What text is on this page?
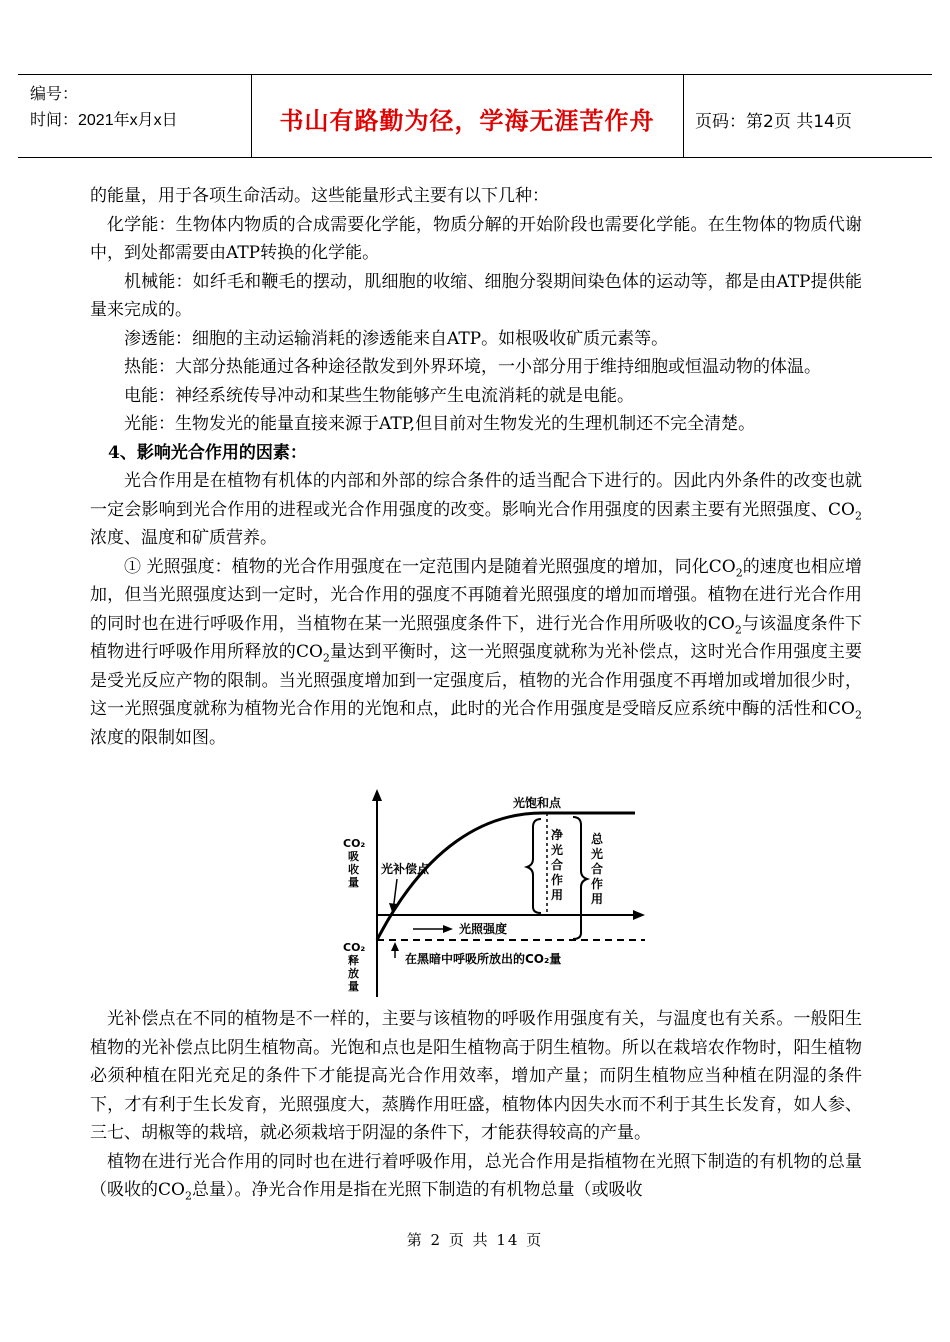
编号：
时间：2021年x月x日	书山有路勤为径，学海无涯苦作舟	页码：第2页 共14页

的能量，用于各项生命活动。这些能量形式主要有以下几种：

化学能：生物体内物质的合成需要化学能，物质分解的开始阶段也需要化学能。在生物体的物质代谢中，到处都需要由ATP转换的化学能。

机械能：如纤毛和鞭毛的摆动，肌细胞的收缩、细胞分裂期间染色体的运动等，都是由ATP提供能量来完成的。

渗透能：细胞的主动运输消耗的渗透能来自ATP。如根吸收矿质元素等。

热能：大部分热能通过各种途径散发到外界环境，一小部分用于维持细胞或恒温动物的体温。

电能：神经系统传导冲动和某些生物能够产生电流消耗的就是电能。

光能：生物发光的能量直接来源于ATP,但目前对生物发光的生理机制还不完全清楚。

4、影响光合作用的因素：

光合作用是在植物有机体的内部和外部的综合条件的适当配合下进行的。因此内外条件的改变也就一定会影响到光合作用的进程或光合作用强度的改变。影响光合作用强度的因素主要有光照强度、$CO_2$浓度、温度和矿质营养。

① 光照强度：植物的光合作用强度在一定范围内是随着光照强度的增加，同化$CO_2$的速度也相应增加，但当光照强度达到一定时，光合作用的强度不再随着光照强度的增加而增强。植物在进行光合作用的同时也在进行呼吸作用，当植物在某一光照强度条件下，进行光合作用所吸收的$CO_2$与该温度条件下植物进行呼吸作用所释放的$CO_2$量达到平衡时，这一光照强度就称为光补偿点，这时光合作用强度主要是受光反应产物的限制。当光照强度增加到一定强度后，植物的光合作用强度不再增加或增加很少时，这一光照强度就称为植物光合作用的光饱和点，此时的光合作用强度是受暗反应系统中酶的活性和$CO_2$浓度的限制如图。

CO₂
吸
收
量
CO₂
释
放
量
光饱和点
光补偿点
光照强度
在黑暗中呼吸所放出的CO₂量
净
光
合
作
用
总
光
合
作
用

光补偿点在不同的植物是不一样的，主要与该植物的呼吸作用强度有关，与温度也有关系。一般阳生植物的光补偿点比阴生植物高。光饱和点也是阳生植物高于阴生植物。所以在栽培农作物时，阳生植物必须种植在阳光充足的条件下才能提高光合作用效率，增加产量；而阴生植物应当种植在阴湿的条件下，才有利于生长发育，光照强度大，蒸腾作用旺盛，植物体内因失水而不利于其生长发育，如人参、三七、胡椒等的栽培，就必须栽培于阴湿的条件下，才能获得较高的产量。

植物在进行光合作用的同时也在进行着呼吸作用，总光合作用是指植物在光照下制造的有机物的总量（吸收的$CO_2$总量）。净光合作用是指在光照下制造的有机物总量（或吸收

第 2 页 共 14 页
